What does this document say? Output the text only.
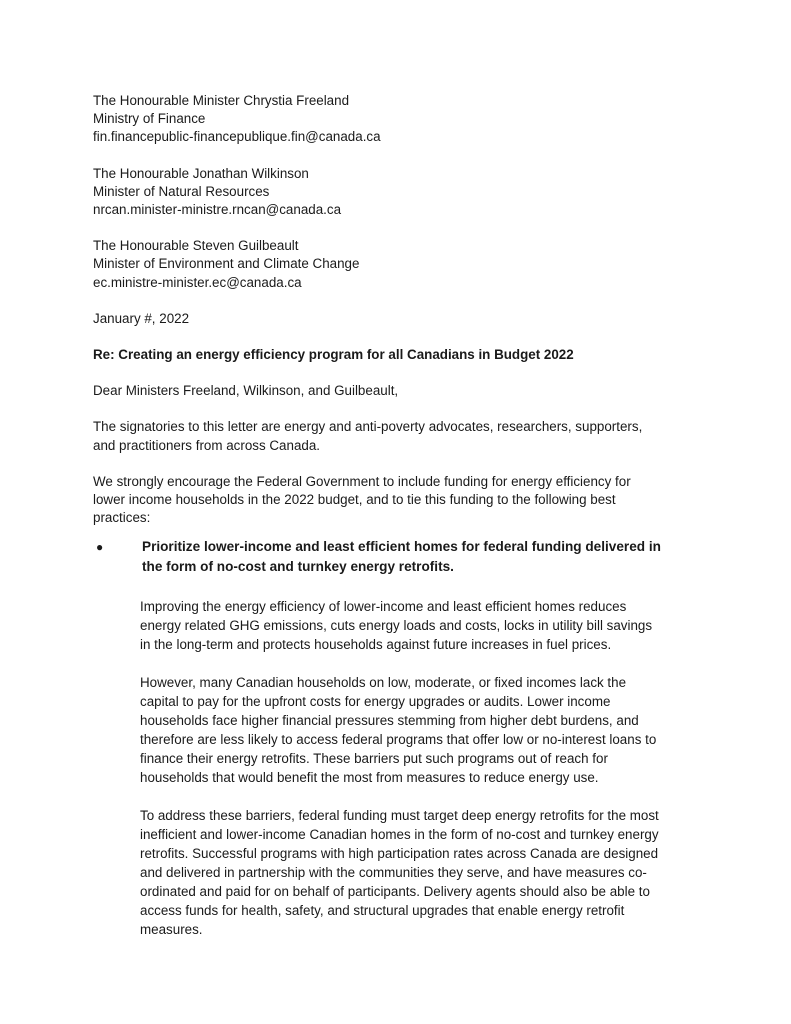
The Honourable Minister Chrystia Freeland
Ministry of Finance
fin.financepublic-financepublique.fin@canada.ca
The Honourable Jonathan Wilkinson
Minister of Natural Resources
nrcan.minister-ministre.rncan@canada.ca
The Honourable Steven Guilbeault
Minister of Environment and Climate Change
ec.ministre-minister.ec@canada.ca
January #, 2022
Re: Creating an energy efficiency program for all Canadians in Budget 2022
Dear Ministers Freeland, Wilkinson, and Guilbeault,
The signatories to this letter are energy and anti-poverty advocates, researchers, supporters,
and practitioners from across Canada.
We strongly encourage the Federal Government to include funding for energy efficiency for
lower income households in the 2022 budget, and to tie this funding to the following best
practices:
●	Prioritize lower-income and least efficient homes for federal funding delivered in
the form of no-cost and turnkey energy retrofits.
Improving the energy efficiency of lower-income and least efficient homes reduces
energy related GHG emissions, cuts energy loads and costs, locks in utility bill savings
in the long-term and protects households against future increases in fuel prices.
However, many Canadian households on low, moderate, or fixed incomes lack the
capital to pay for the upfront costs for energy upgrades or audits. Lower income
households face higher financial pressures stemming from higher debt burdens, and
therefore are less likely to access federal programs that offer low or no-interest loans to
finance their energy retrofits. These barriers put such programs out of reach for
households that would benefit the most from measures to reduce energy use.
To address these barriers, federal funding must target deep energy retrofits for the most
inefficient and lower-income Canadian homes in the form of no-cost and turnkey energy
retrofits. Successful programs with high participation rates across Canada are designed
and delivered in partnership with the communities they serve, and have measures co-
ordinated and paid for on behalf of participants. Delivery agents should also be able to
access funds for health, safety, and structural upgrades that enable energy retrofit
measures.
